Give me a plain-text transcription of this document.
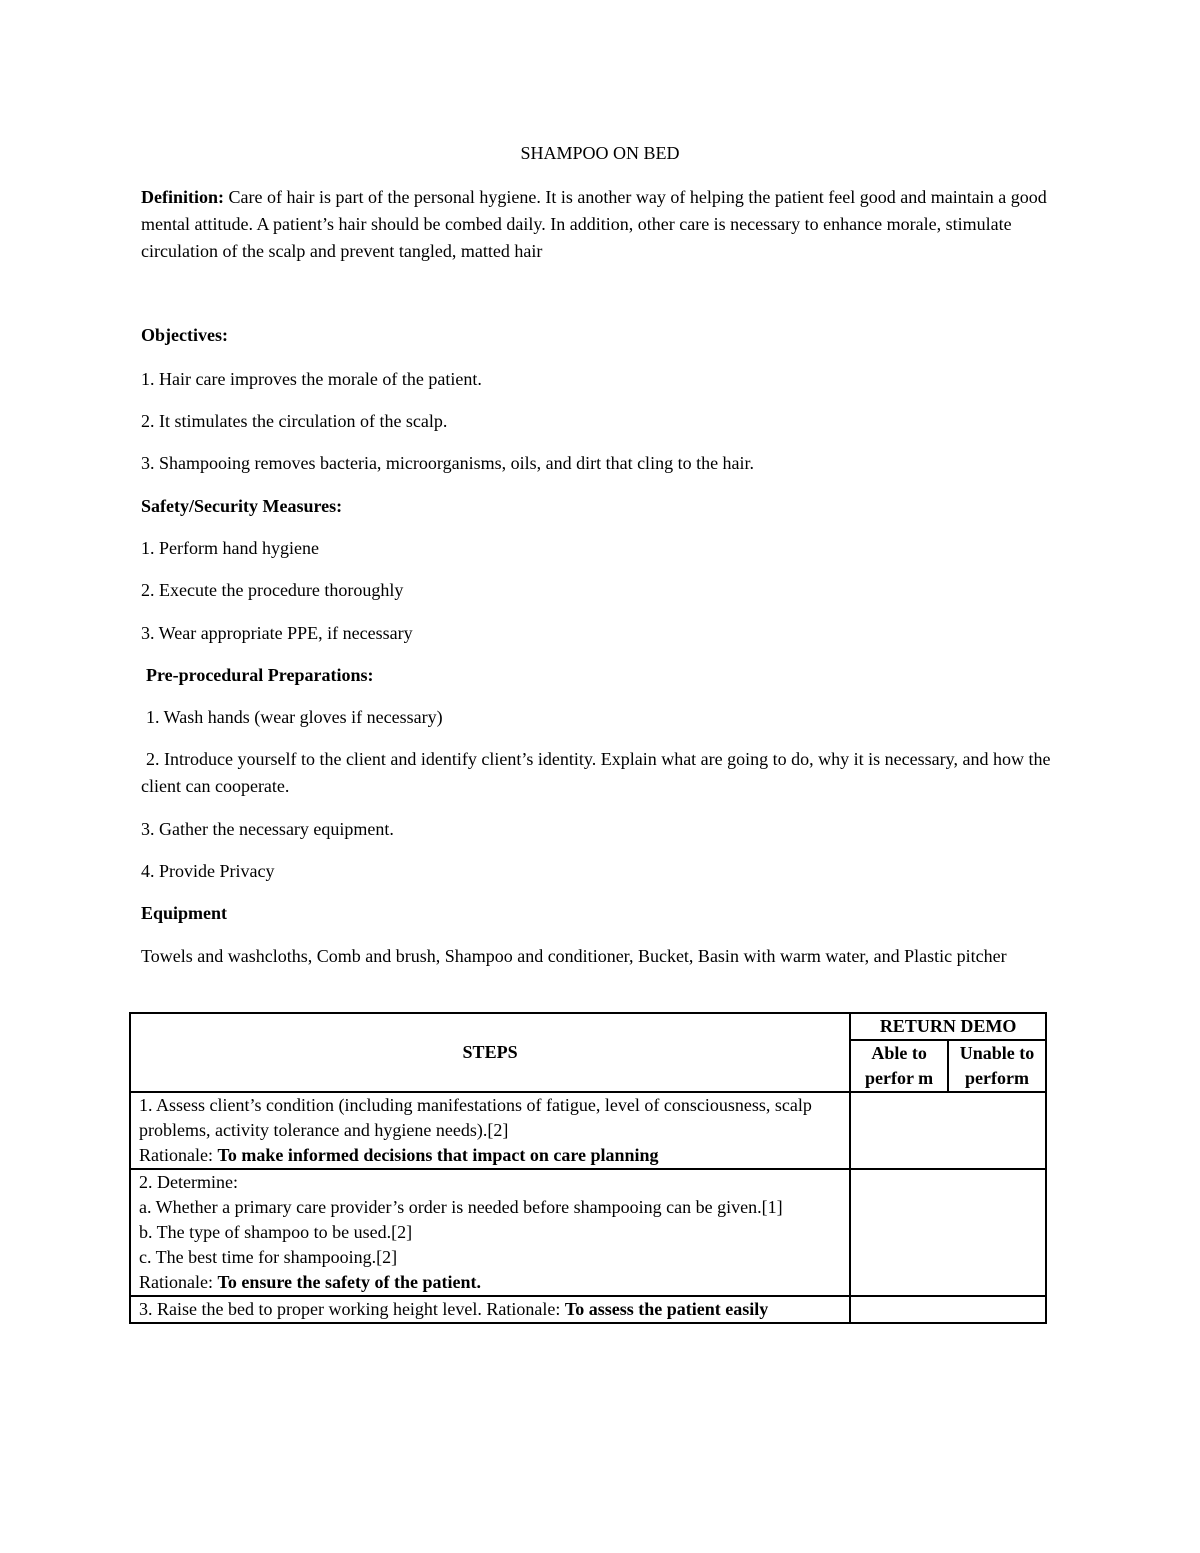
SHAMPOO ON BED

Definition: Care of hair is part of the personal hygiene. It is another way of helping the patient feel good and maintain a good mental attitude. A patient’s hair should be combed daily. In addition, other care is necessary to enhance morale, stimulate circulation of the scalp and prevent tangled, matted hair

Objectives:

1. Hair care improves the morale of the patient.

2. It stimulates the circulation of the scalp.

3. Shampooing removes bacteria, microorganisms, oils, and dirt that cling to the hair.

Safety/Security Measures:

1. Perform hand hygiene

2. Execute the procedure thoroughly

3. Wear appropriate PPE, if necessary

Pre-procedural Preparations:

1. Wash hands (wear gloves if necessary)

2. Introduce yourself to the client and identify client’s identity. Explain what are going to do, why it is necessary, and how the client can cooperate.

3. Gather the necessary equipment.

4. Provide Privacy

Equipment

Towels and washcloths, Comb and brush, Shampoo and conditioner, Bucket, Basin with warm water, and Plastic pitcher

STEPS	RETURN DEMO	
	Able to perfor m	Unable to perform

1. Assess client’s condition (including manifestations of fatigue, level of consciousness, scalp problems, activity tolerance and hygiene needs).[2]
Rationale: To make informed decisions that impact on care planning		

2. Determine:
a. Whether a primary care provider’s order is needed before shampooing can be given.[1]
b. The type of shampoo to be used.[2]
c. The best time for shampooing.[2]
Rationale: To ensure the safety of the patient.		

3. Raise the bed to proper working height level. Rationale: To assess the patient easily		
